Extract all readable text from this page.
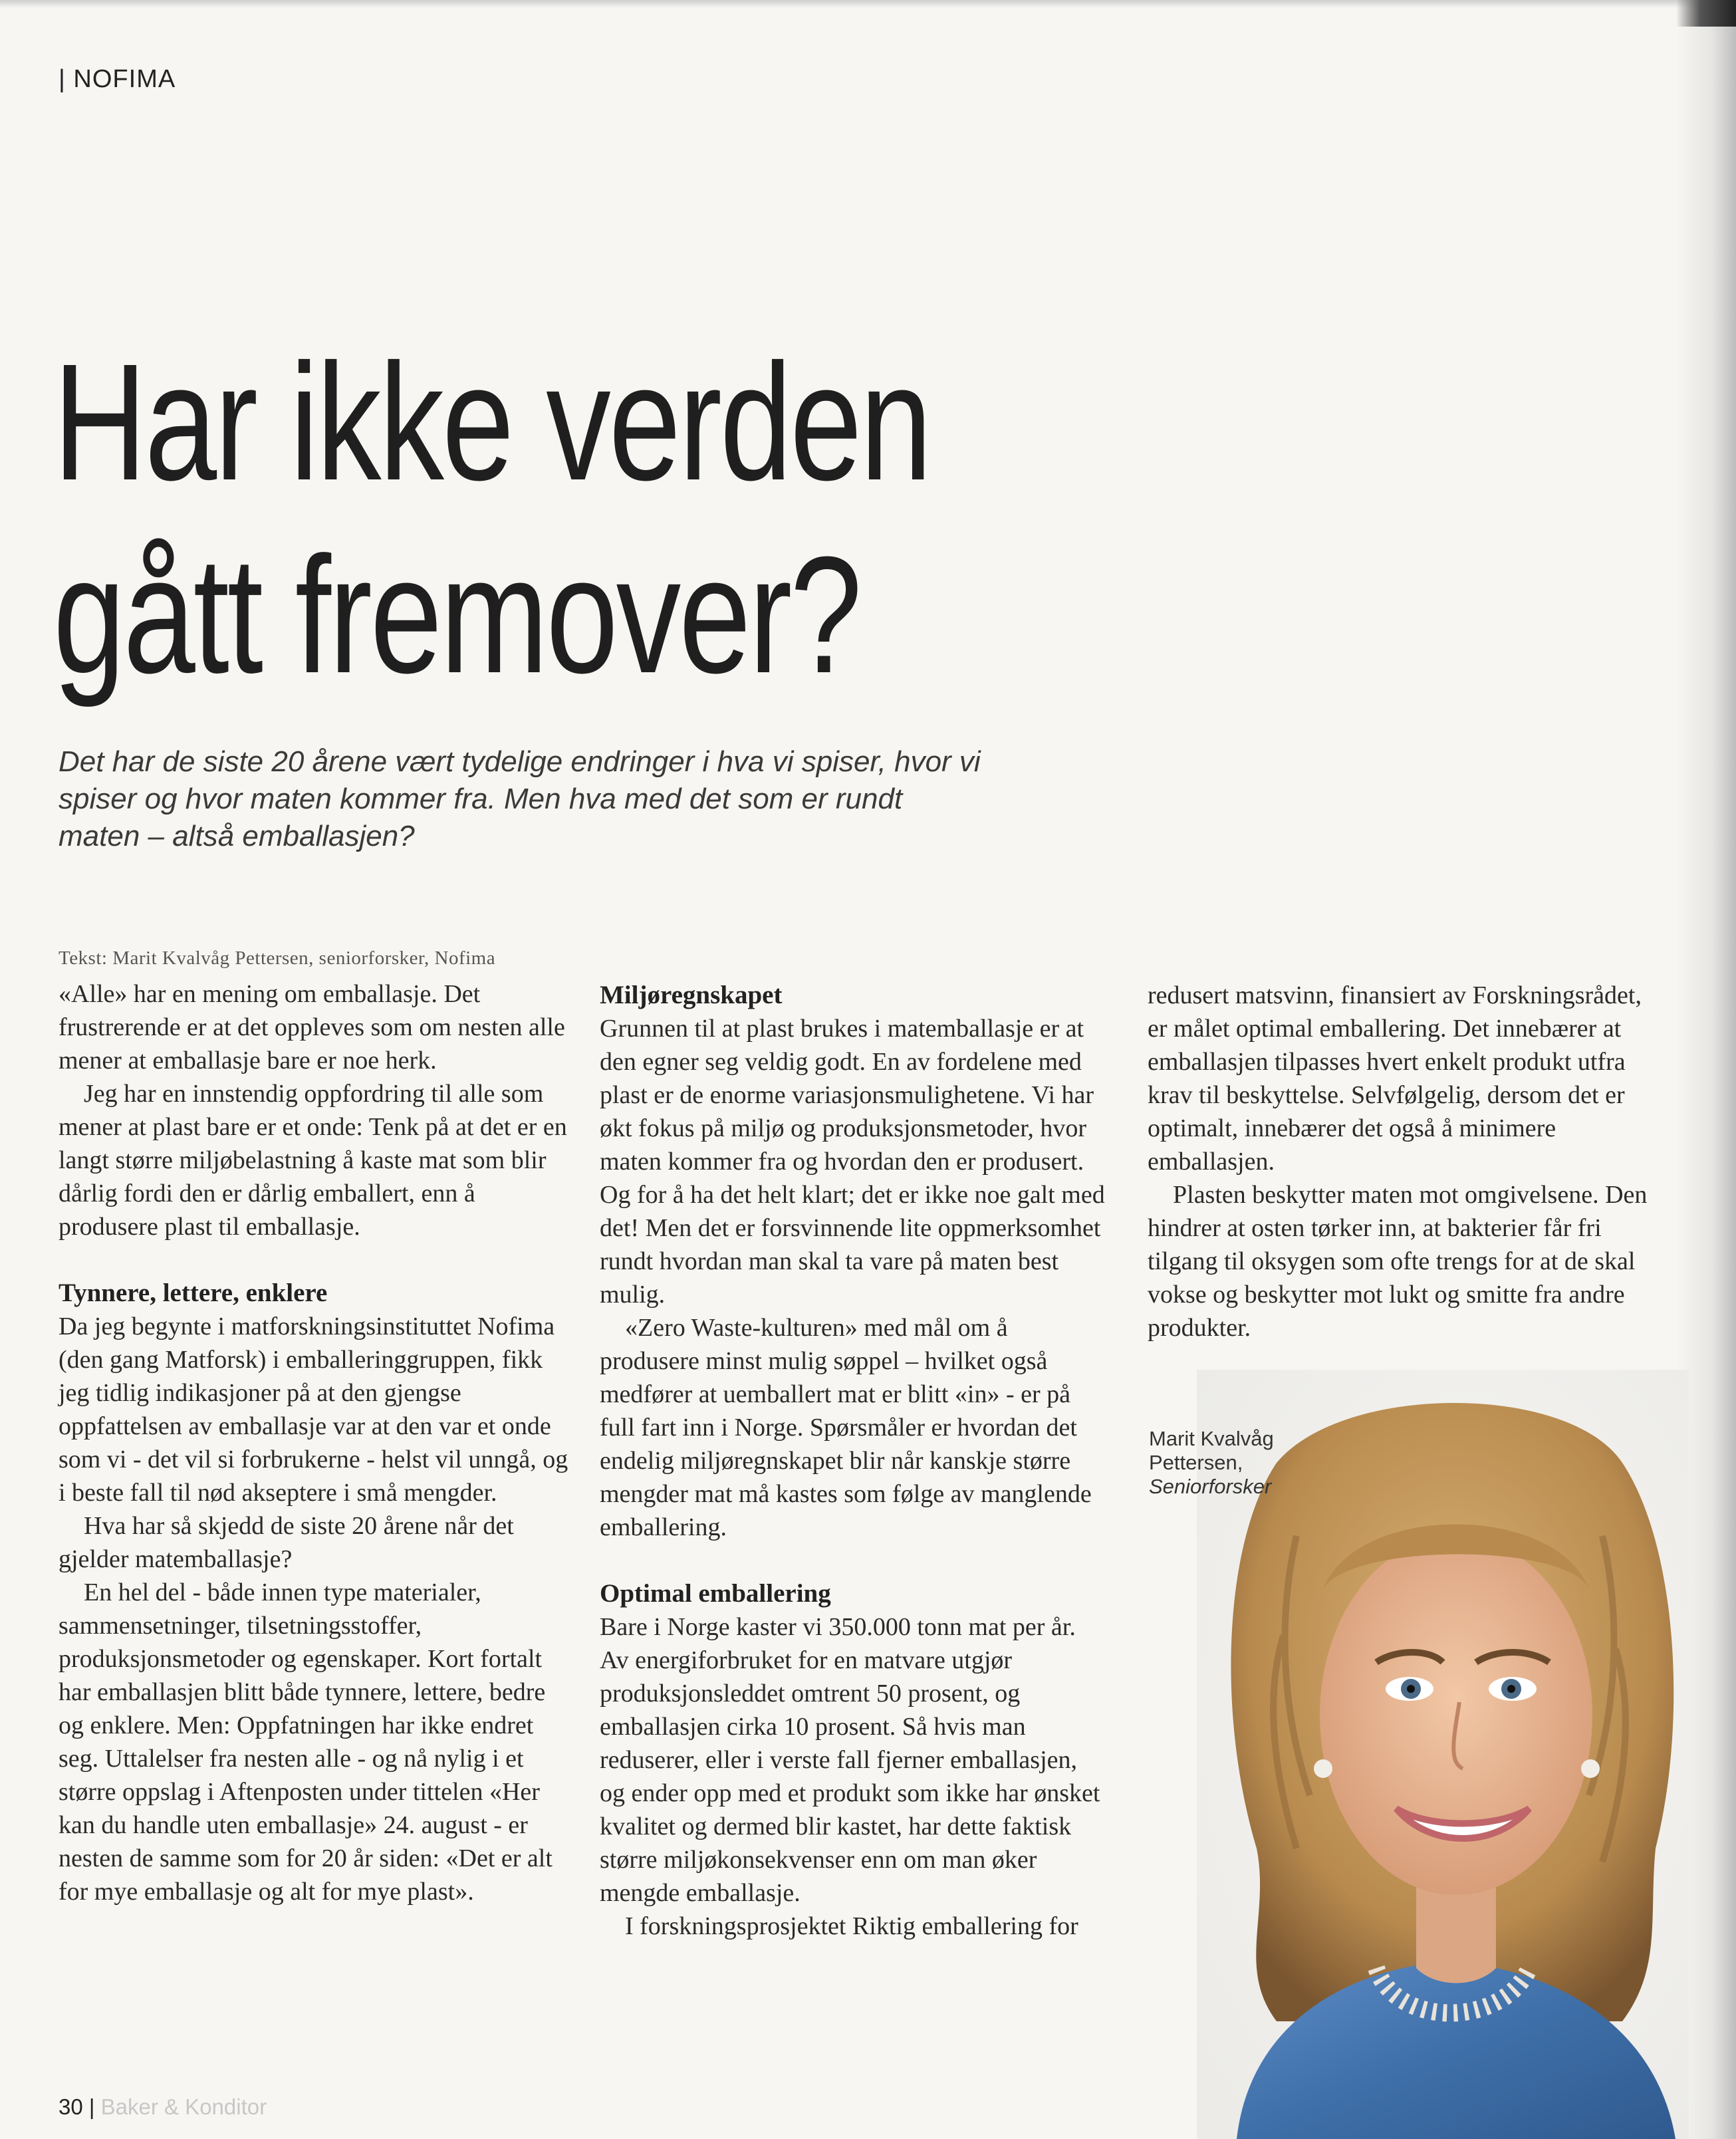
| NOFIMA
Har ikke verden
gått fremover?

Det har de siste 20 årene vært tydelige endringer i hva vi spiser, hvor vi spiser og hvor maten kommer fra. Men hva med det som er rundt maten – altså emballasjen?

Tekst: Marit Kvalvåg Pettersen, seniorforsker, Nofima

«Alle» har en mening om emballasje. Det frustrerende er at det oppleves som om nesten alle mener at emballasje bare er noe herk.

Jeg har en innstendig oppfordring til alle som mener at plast bare er et onde: Tenk på at det er en langt større miljøbelastning å kaste mat som blir dårlig fordi den er dårlig emballert, enn å produsere plast til emballasje.

Tynnere, lettere, enklere

Da jeg begynte i matforskningsinstituttet Nofima (den gang Matforsk) i emballeringgruppen, fikk jeg tidlig indikasjoner på at den gjengse oppfattelsen av emballasje var at den var et onde som vi - det vil si forbrukerne - helst vil unngå, og i beste fall til nød akseptere i små mengder.

Hva har så skjedd de siste 20 årene når det gjelder matemballasje?

En hel del - både innen type materialer, sammensetninger, tilsetningsstoffer, produksjonsmetoder og egenskaper. Kort fortalt har emballasjen blitt både tynnere, lettere, bedre og enklere. Men: Oppfatningen har ikke endret seg. Uttalelser fra nesten alle - og nå nylig i et større oppslag i Aftenposten under tittelen «Her kan du handle uten emballasje» 24. august - er nesten de samme som for 20 år siden: «Det er alt for mye emballasje og alt for mye plast».

Miljøregnskapet

Grunnen til at plast brukes i matemballasje er at den egner seg veldig godt. En av fordelene med plast er de enorme variasjonsmulighetene. Vi har økt fokus på miljø og produksjonsmetoder, hvor maten kommer fra og hvordan den er produsert. Og for å ha det helt klart; det er ikke noe galt med det! Men det er forsvinnende lite oppmerksomhet rundt hvordan man skal ta vare på maten best mulig.

«Zero Waste-kulturen» med mål om å produsere minst mulig søppel – hvilket også medfører at uemballert mat er blitt «in» - er på full fart inn i Norge. Spørsmåler er hvordan det endelig miljøregnskapet blir når kanskje større mengder mat må kastes som følge av manglende emballering.

Optimal emballering

Bare i Norge kaster vi 350.000 tonn mat per år. Av energiforbruket for en matvare utgjør produksjonsleddet omtrent 50 prosent, og emballasjen cirka 10 prosent. Så hvis man reduserer, eller i verste fall fjerner emballasjen, og ender opp med et produkt som ikke har ønsket kvalitet og dermed blir kastet, har dette faktisk større miljøkonsekvenser enn om man øker mengde emballasje.

I forskningsprosjektet Riktig emballering for

redusert matsvinn, finansiert av Forskningsrådet, er målet optimal emballering. Det innebærer at emballasjen tilpasses hvert enkelt produkt utfra krav til beskyttelse. Selvfølgelig, dersom det er optimalt, innebærer det også å minimere emballasjen.

Plasten beskytter maten mot omgivelsene. Den hindrer at osten tørker inn, at bakterier får fri tilgang til oksygen som ofte trengs for at de skal vokse og beskytter mot lukt og smitte fra andre produkter.

Marit Kvalvåg
Pettersen,
Seniorforsker
30 | Baker & Konditor
